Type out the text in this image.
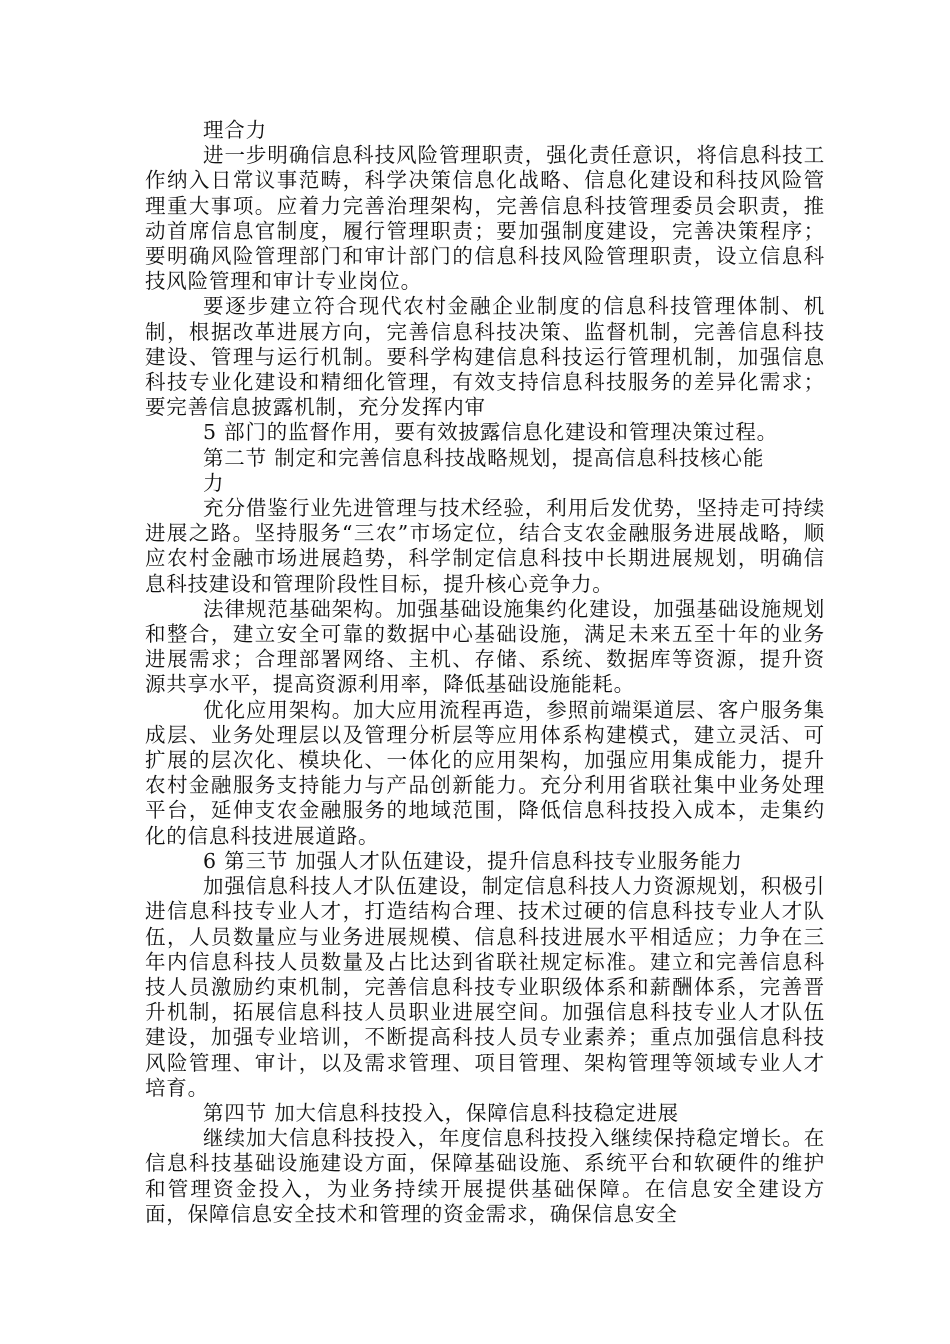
理合力

进一步明确信息科技风险管理职责，强化责任意识，将信息科技工作纳入日常议事范畴，科学决策信息化战略、信息化建设和科技风险管理重大事项。应着力完善治理架构，完善信息科技管理委员会职责，推动首席信息官制度，履行管理职责；要加强制度建设，完善决策程序；要明确风险管理部门和审计部门的信息科技风险管理职责，设立信息科技风险管理和审计专业岗位。

要逐步建立符合现代农村金融企业制度的信息科技管理体制、机制，根据改革进展方向，完善信息科技决策、监督机制，完善信息科技建设、管理与运行机制。要科学构建信息科技运行管理机制，加强信息科技专业化建设和精细化管理，有效支持信息科技服务的差异化需求；要完善信息披露机制，充分发挥内审

5 部门的监督作用，要有效披露信息化建设和管理决策过程。

第二节 制定和完善信息科技战略规划，提高信息科技核心能力

充分借鉴行业先进管理与技术经验，利用后发优势，坚持走可持续进展之路。坚持服务“三农”市场定位，结合支农金融服务进展战略，顺应农村金融市场进展趋势，科学制定信息科技中长期进展规划，明确信息科技建设和管理阶段性目标，提升核心竞争力。

法律规范基础架构。加强基础设施集约化建设，加强基础设施规划和整合，建立安全可靠的数据中心基础设施，满足未来五至十年的业务进展需求；合理部署网络、主机、存储、系统、数据库等资源，提升资源共享水平，提高资源利用率，降低基础设施能耗。

优化应用架构。加大应用流程再造，参照前端渠道层、客户服务集成层、业务处理层以及管理分析层等应用体系构建模式，建立灵活、可扩展的层次化、模块化、一体化的应用架构，加强应用集成能力，提升农村金融服务支持能力与产品创新能力。充分利用省联社集中业务处理平台，延伸支农金融服务的地域范围，降低信息科技投入成本，走集约化的信息科技进展道路。

6 第三节 加强人才队伍建设，提升信息科技专业服务能力

加强信息科技人才队伍建设，制定信息科技人力资源规划，积极引进信息科技专业人才，打造结构合理、技术过硬的信息科技专业人才队伍，人员数量应与业务进展规模、信息科技进展水平相适应；力争在三年内信息科技人员数量及占比达到省联社规定标准。建立和完善信息科技人员激励约束机制，完善信息科技专业职级体系和薪酬体系，完善晋升机制，拓展信息科技人员职业进展空间。加强信息科技专业人才队伍建设，加强专业培训，不断提高科技人员专业素养；重点加强信息科技风险管理、审计，以及需求管理、项目管理、架构管理等领域专业人才培育。

第四节 加大信息科技投入，保障信息科技稳定进展

继续加大信息科技投入，年度信息科技投入继续保持稳定增长。在信息科技基础设施建设方面，保障基础设施、系统平台和软硬件的维护和管理资金投入，为业务持续开展提供基础保障。在信息安全建设方面，保障信息安全技术和管理的资金需求，确保信息安全
